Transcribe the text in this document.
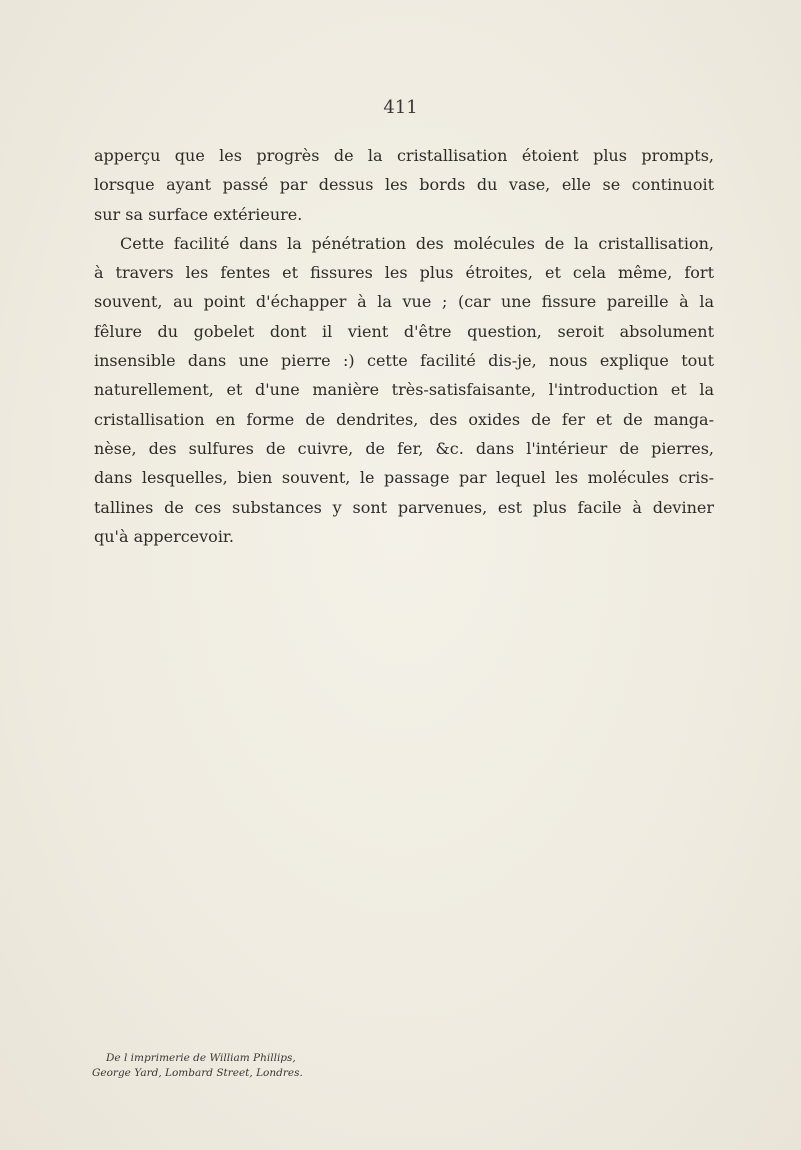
411
apperçu que les progrès de la cristallisation étoient plus prompts,
lorsque ayant passé par dessus les bords du vase, elle se continuoit
sur sa surface extérieure.
Cette facilité dans la pénétration des molécules de la cristallisation,
à travers les fentes et fissures les plus étroites, et cela même, fort
souvent, au point d'échapper à la vue ; (car une fissure pareille à la
fêlure du gobelet dont il vient d'être question, seroit absolument
insensible dans une pierre :) cette facilité dis-je, nous explique tout
naturellement, et d'une manière très-satisfaisante, l'introduction et la
cristallisation en forme de dendrites, des oxides de fer et de manga-
nèse, des sulfures de cuivre, de fer, &c. dans l'intérieur de pierres,
dans lesquelles, bien souvent, le passage par lequel les molécules cris-
tallines de ces substances y sont parvenues, est plus facile à deviner
qu'à appercevoir.
De l imprimerie de William Phillips,
George Yard, Lombard Street, Londres.
